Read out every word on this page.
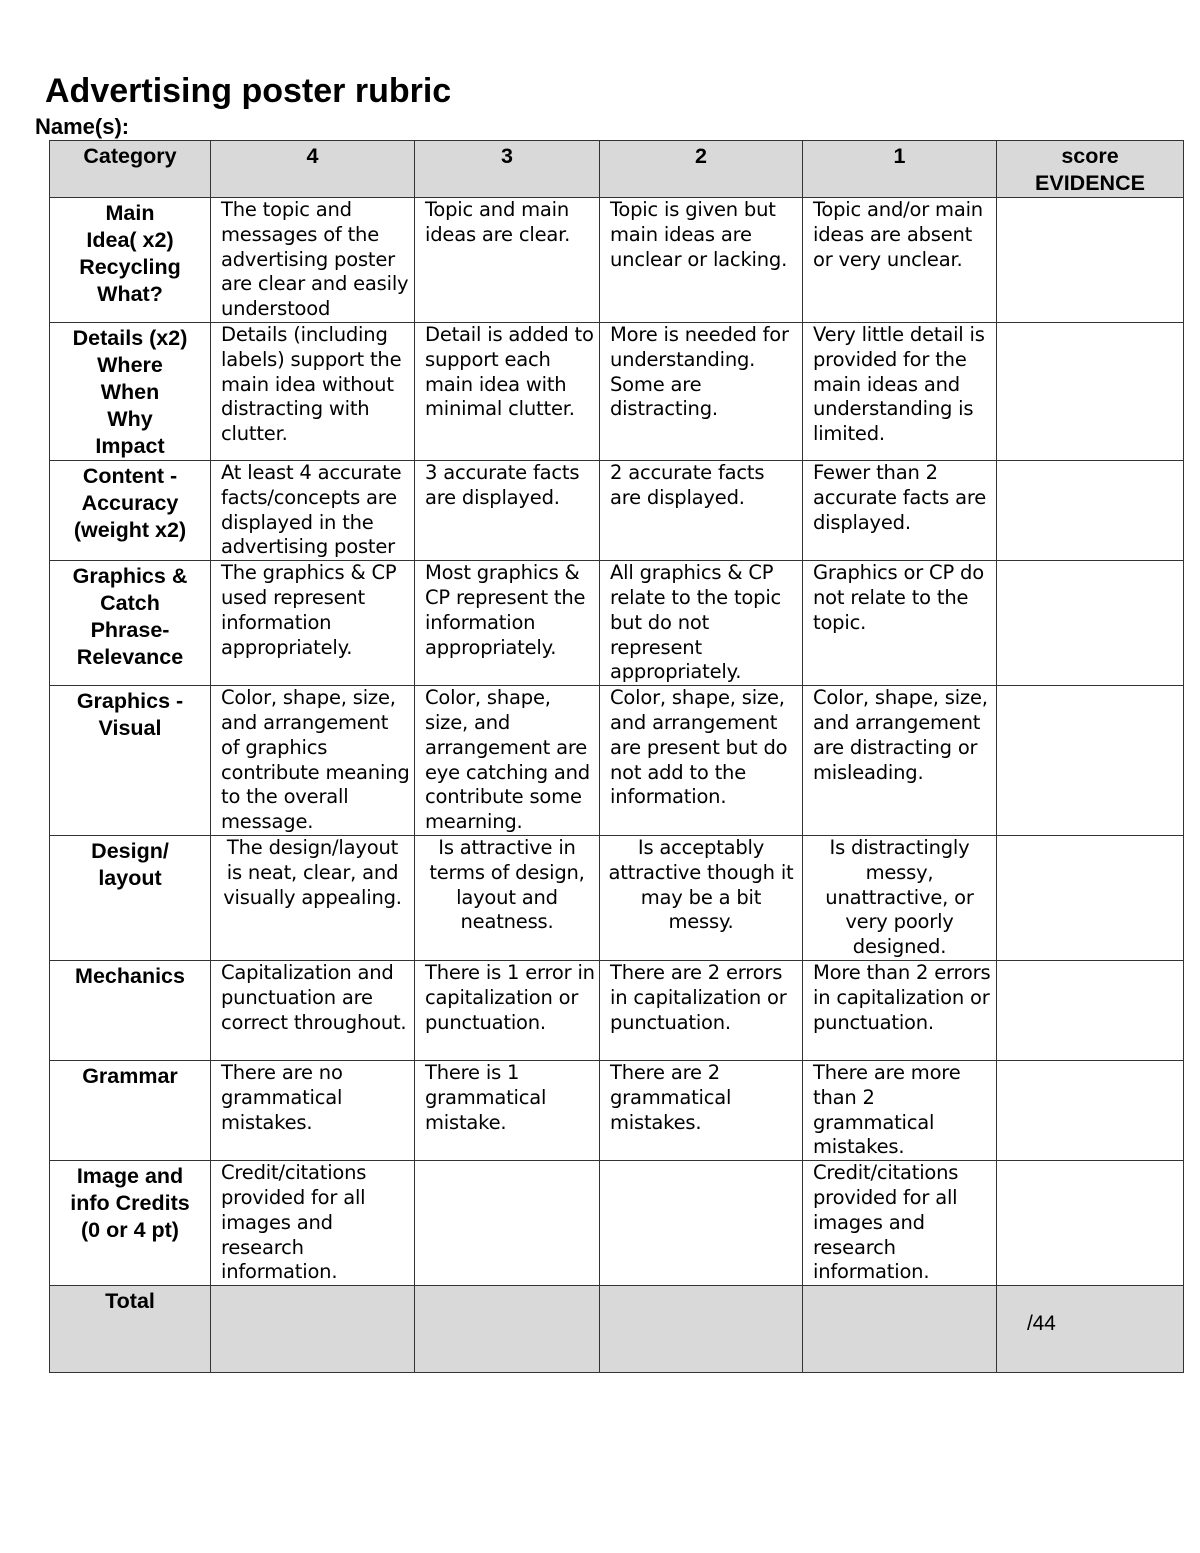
Advertising poster rubric
Name(s):
Category	4	3	2	1	score
EVIDENCE
Main
Idea( x2)
Recycling
What?	The topic and messages of the advertising poster are clear and easily understood	Topic and main ideas are clear.	Topic is given but main ideas are unclear or lacking.	Topic and/or main ideas are absent or very unclear.	
Details (x2)
Where
When
Why
Impact	Details (including labels) support the main idea without distracting with clutter.	Detail is added to support each main idea with minimal clutter.	More is needed for understanding. Some are distracting.	Very little detail is provided for the main ideas and understanding is limited.	
Content -
Accuracy
(weight x2)	At least 4 accurate facts/concepts are displayed in the advertising poster	3 accurate facts are displayed.	2 accurate facts are displayed.	Fewer than 2 accurate facts are displayed.	
Graphics &
Catch
Phrase-
Relevance	The graphics & CP used represent information appropriately.	Most graphics & CP represent the information appropriately.	All graphics & CP relate to the topic but do not represent appropriately.	Graphics or CP do not relate to the topic.	
Graphics -
Visual	Color, shape, size, and arrangement of graphics contribute meaning to the overall message.	Color, shape, size, and arrangement are eye catching and contribute some mearning.	Color, shape, size, and arrangement are present but do not add to the information.	Color, shape, size, and arrangement are distracting or misleading.	
Design/
layout	The design/layout is neat, clear, and visually appealing.	Is attractive in terms of design, layout and neatness.	Is acceptably attractive though it may be a bit messy.	Is distractingly messy, unattractive, or very poorly designed.	
Mechanics	Capitalization and punctuation are correct throughout.	There is 1 error in capitalization or punctuation.	There are 2 errors in capitalization or punctuation.	More than 2 errors in capitalization or punctuation.	
Grammar	There are no grammatical mistakes.	There is 1 grammatical mistake.	There are 2 grammatical mistakes.	There are more than 2 grammatical mistakes.	
Image and
info Credits
(0 or 4 pt)	Credit/citations provided for all images and research information.			Credit/citations provided for all images and research information.	
Total					/44
